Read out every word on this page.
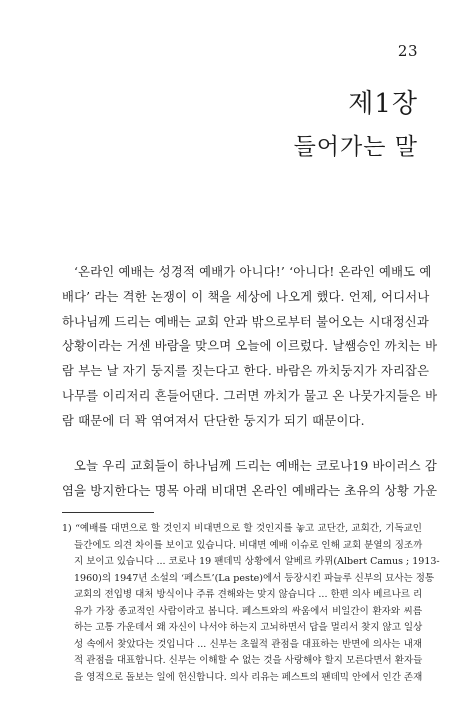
23
제1장
들어가는 말
‘온라인 예배는 성경적 예배가 아니다!’ ‘아니다! 온라인 예배도 예
배다’ 라는 격한 논쟁이 이 책을 세상에 나오게 했다. 언제, 어디서나
하나님께 드리는 예배는 교회 안과 밖으로부터 불어오는 시대정신과
상황이라는 거센 바람을 맞으며 오늘에 이르렀다. 날쌤승인 까치는 바
람 부는 날 자기 둥지를 짓는다고 한다. 바람은 까치둥지가 자리잡은
나무를 이리저리 흔들어댄다. 그러면 까치가 물고 온 나뭇가지들은 바
람 때문에 더 꽉 엮여져서 단단한 둥지가 되기 때문이다.
오늘 우리 교회들이 하나님께 드리는 예배는 코로나19 바이러스 감
염을 방지한다는 명목 아래 비대면 온라인 예배라는 초유의 상황 가운
1) “예배를 대면으로 할 것인지 비대면으로 할 것인지를 놓고 교단간, 교회간, 기독교인
들간에도 의견 차이를 보이고 있습니다. 비대면 예배 이슈로 인해 교회 분열의 징조까
지 보이고 있습니다 ... 코로나 19 팬데믹 상황에서 알베르 카뮈(Albert Camus ; 1913-
1960)의 1947년 소설의 ‘페스트’(La peste)에서 등장시킨 파늘루 신부의 묘사는 정통
교회의 전입병 대처 방식이나 주류 견해와는 맞지 않습니다 ... 한편 의사 베르나르 리
유가 가장 종교적인 사람이라고 봅니다. 페스트와의 싸움에서 비일간이 환자와 씨름
하는 고통 가운데서 왜 자신이 나서야 하는지 고뇌하면서 답을 멀리서 찾지 않고 일상
성 속에서 찾았다는 것입니다 ... 신부는 초월적 관점을 대표하는 반면에 의사는 내재
적 관점을 대표합니다. 신부는 이해할 수 없는 것을 사랑해야 할지 모른다면서 환자들
을 영적으로 돌보는 일에 헌신합니다. 의사 리유는 페스트의 팬데믹 안에서 인간 존재
